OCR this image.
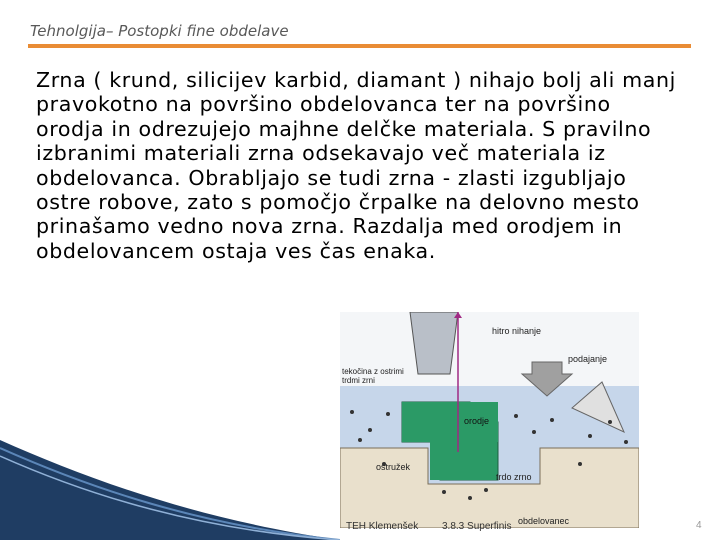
Tehnolgija– Postopki fine obdelave
Zrna ( krund, silicijev karbid, diamant ) nihajo bolj ali manj pravokotno na površino obdelovanca ter na površino orodja in odrezujejo majhne delčke materiala. S pravilno izbranimi materiali zrna odsekavajo več materiala iz obdelovanca. Obrabljajo se tudi zrna - zlasti izgubljajo ostre robove, zato s pomočjo črpalke na delovno mesto prinašamo vedno nova zrna. Razdalja med orodjem in obdelovancem ostaja ves čas enaka.
hitro nihanje
podajanje
tekočina z ostrimi
trdmi zrni
orodje
ostružek
trdo zrno
obdelovanec
TEH Klemenšek 3.8.3 Superfinis	4
